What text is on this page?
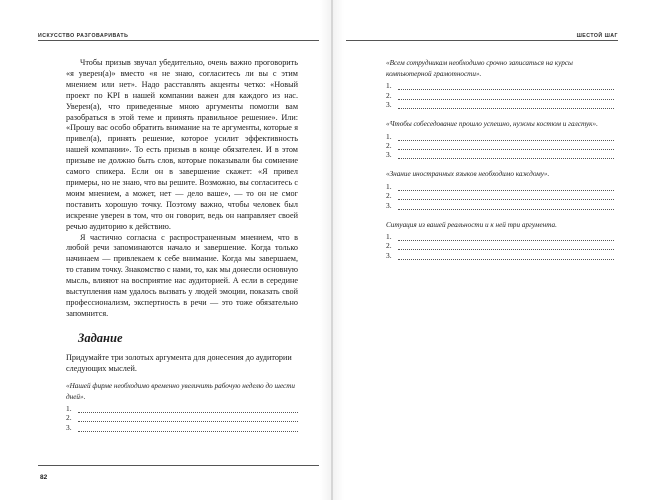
ИСКУССТВО РАЗГОВАРИВАТЬ	ШЕСТОЙ ШАГ

Чтобы призыв звучал убедительно, очень важно проговорить «я уверен(а)» вместо «я не знаю, согласитесь ли вы с этим мнением или нет». Надо расставлять акценты четко: «Новый проект по KPI в нашей компании важен для каждого из нас. Уверен(а), что приведенные мною аргументы помогли вам разобраться в этой теме и принять правильное решение». Или: «Прошу вас особо обратить внимание на те аргументы, которые я привел(а), принять решение, которое усилит эффективность нашей компании». То есть призыв в конце обязателен. И в этом призыве не должно быть слов, которые показывали бы сомнение самого спикера. Если он в завершение скажет: «Я привел примеры, но не знаю, что вы решите. Возможно, вы согласитесь с моим мнением, а может, нет — дело ваше», — то он не смог поставить хорошую точку. Поэтому важно, чтобы человек был искренне уверен в том, что он говорит, ведь он направляет своей речью аудиторию к действию.

Я частично согласна с распространенным мнением, что в любой речи запоминаются начало и завершение. Когда только начинаем — привлекаем к себе внимание. Когда мы завершаем, то ставим точку. Знакомство с нами, то, как мы донесли основную мысль, влияют на восприятие нас аудиторией. А если в середине выступления нам удалось вызвать у людей эмоции, показать свой профессионализм, экспертность в речи — это тоже обязательно запомнится.

Задание

Придумайте три золотых аргумента для донесения до аудитории следующих мыслей.

«Нашей фирме необходимо временно увеличить рабочую неделю до шести дней».
1.
2.
3.
82
«Всем сотрудникам необходимо срочно записаться на курсы компьютерной грамотности».
1.
2.
3.
«Чтобы собеседование прошло успешно, нужны костюм и галстук».
1.
2.
3.
«Знание иностранных языков необходимо каждому».
1.
2.
3.
Ситуация из вашей реальности и к ней три аргумента.
1.
2.
3.
